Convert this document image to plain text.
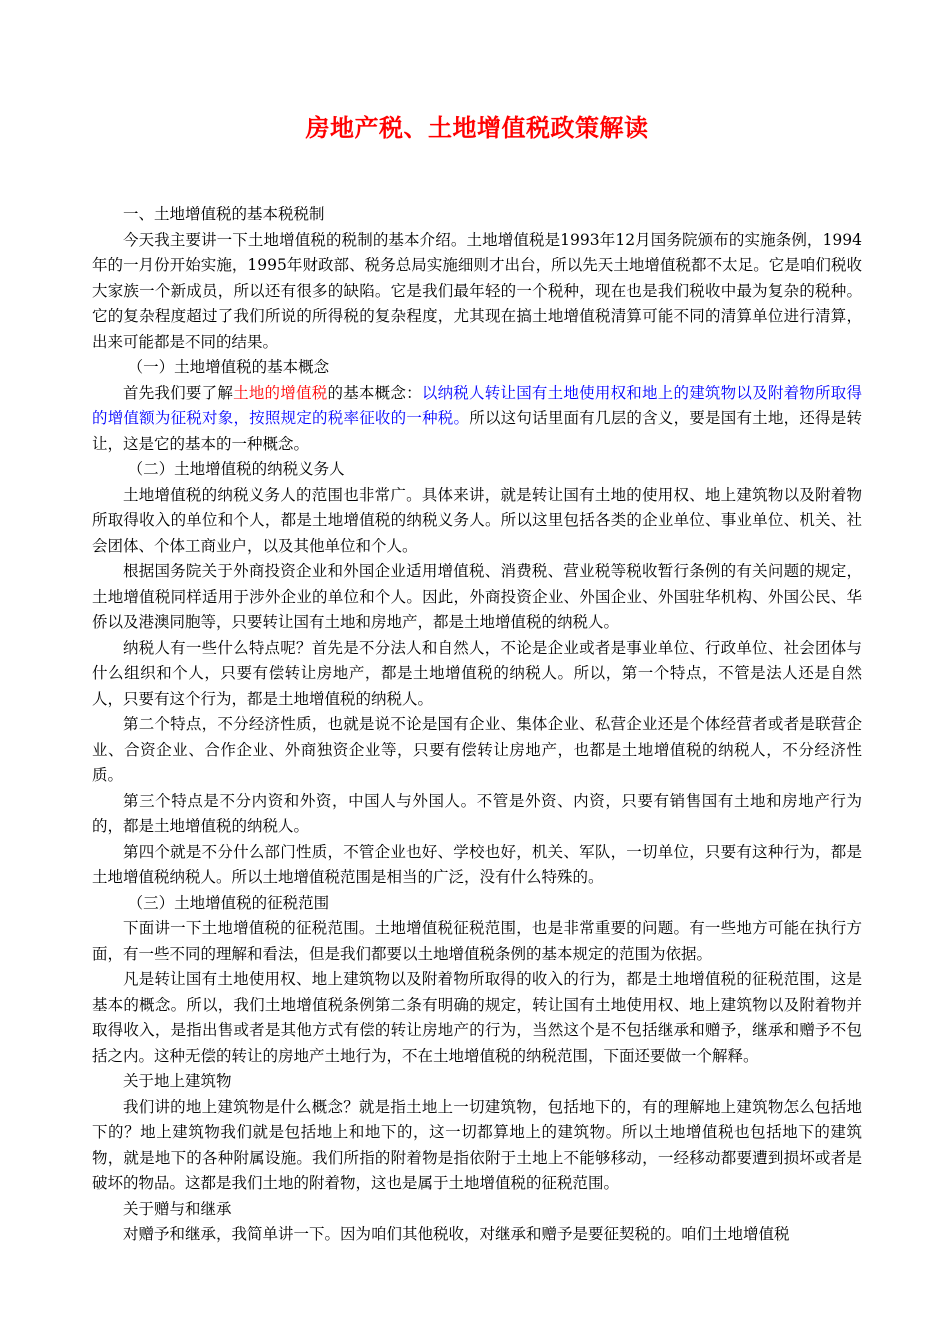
房地产税、土地增值税政策解读

一、土地增值税的基本税税制

今天我主要讲一下土地增值税的税制的基本介绍。土地增值税是1993年12月国务院颁布的实施条例，1994年的一月份开始实施，1995年财政部、税务总局实施细则才出台，所以先天土地增值税都不太足。它是咱们税收大家族一个新成员，所以还有很多的缺陷。它是我们最年轻的一个税种，现在也是我们税收中最为复杂的税种。它的复杂程度超过了我们所说的所得税的复杂程度，尤其现在搞土地增值税清算可能不同的清算单位进行清算，出来可能都是不同的结果。

（一）土地增值税的基本概念

首先我们要了解土地的增值税的基本概念：以纳税人转让国有土地使用权和地上的建筑物以及附着物所取得的增值额为征税对象，按照规定的税率征收的一种税。所以这句话里面有几层的含义，要是国有土地，还得是转让，这是它的基本的一种概念。

（二）土地增值税的纳税义务人

土地增值税的纳税义务人的范围也非常广。具体来讲，就是转让国有土地的使用权、地上建筑物以及附着物所取得收入的单位和个人，都是土地增值税的纳税义务人。所以这里包括各类的企业单位、事业单位、机关、社会团体、个体工商业户，以及其他单位和个人。

根据国务院关于外商投资企业和外国企业适用增值税、消费税、营业税等税收暂行条例的有关问题的规定，土地增值税同样适用于涉外企业的单位和个人。因此，外商投资企业、外国企业、外国驻华机构、外国公民、华侨以及港澳同胞等，只要转让国有土地和房地产，都是土地增值税的纳税人。

纳税人有一些什么特点呢？首先是不分法人和自然人，不论是企业或者是事业单位、行政单位、社会团体与什么组织和个人，只要有偿转让房地产，都是土地增值税的纳税人。所以，第一个特点，不管是法人还是自然人，只要有这个行为，都是土地增值税的纳税人。

第二个特点，不分经济性质，也就是说不论是国有企业、集体企业、私营企业还是个体经营者或者是联营企业、合资企业、合作企业、外商独资企业等，只要有偿转让房地产，也都是土地增值税的纳税人，不分经济性质。

第三个特点是不分内资和外资，中国人与外国人。不管是外资、内资，只要有销售国有土地和房地产行为的，都是土地增值税的纳税人。

第四个就是不分什么部门性质，不管企业也好、学校也好，机关、军队，一切单位，只要有这种行为，都是土地增值税纳税人。所以土地增值税范围是相当的广泛，没有什么特殊的。

（三）土地增值税的征税范围

下面讲一下土地增值税的征税范围。土地增值税征税范围，也是非常重要的问题。有一些地方可能在执行方面，有一些不同的理解和看法，但是我们都要以土地增值税条例的基本规定的范围为依据。

凡是转让国有土地使用权、地上建筑物以及附着物所取得的收入的行为，都是土地增值税的征税范围，这是基本的概念。所以，我们土地增值税条例第二条有明确的规定，转让国有土地使用权、地上建筑物以及附着物并取得收入，是指出售或者是其他方式有偿的转让房地产的行为，当然这个是不包括继承和赠予，继承和赠予不包括之内。这种无偿的转让的房地产土地行为，不在土地增值税的纳税范围，下面还要做一个解释。

关于地上建筑物

我们讲的地上建筑物是什么概念？就是指土地上一切建筑物，包括地下的，有的理解地上建筑物怎么包括地下的？地上建筑物我们就是包括地上和地下的，这一切都算地上的建筑物。所以土地增值税也包括地下的建筑物，就是地下的各种附属设施。我们所指的附着物是指依附于土地上不能够移动，一经移动都要遭到损坏或者是破坏的物品。这都是我们土地的附着物，这也是属于土地增值税的征税范围。

关于赠与和继承

对赠予和继承，我简单讲一下。因为咱们其他税收，对继承和赠予是要征契税的。咱们土地增值税
